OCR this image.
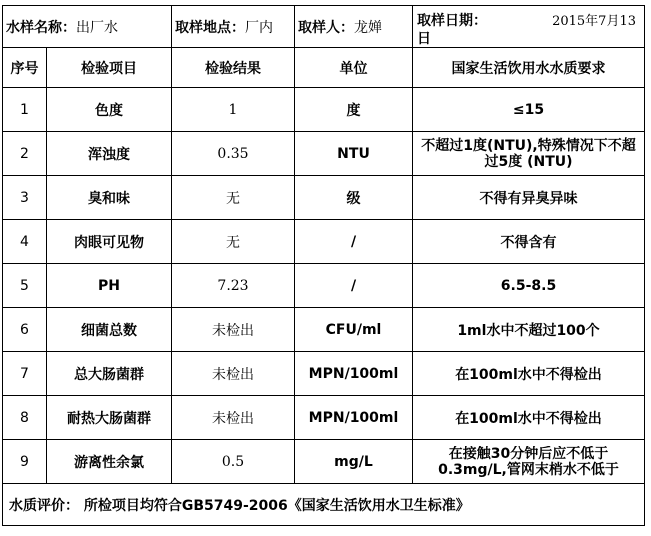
水样名称：出厂水		取样地点：厂内	取样人：龙婵	取样日期： 2015年7月13
日

序号	检验项目	检验结果	单位	国家生活饮用水水质要求
1	色度	1	度	≤15
2	浑浊度	0.35	NTU	不超过1度(NTU),特殊情况下不超过5度 (NTU)
3	臭和味	无	级	不得有异臭异味
4	肉眼可见物	无	/	不得含有
5	PH	7.23	/	6.5-8.5
6	细菌总数	未检出	CFU/ml	1ml水中不超过100个
7	总大肠菌群	未检出	MPN/100ml	在100ml水中不得检出
8	耐热大肠菌群	未检出	MPN/100ml	在100ml水中不得检出
9	游离性余氯	0.5	mg/L	在接触30分钟后应不低于0.3mg/L,管网末梢水不低于

水质评价： 所检项目均符合GB5749-2006《国家生活饮用水卫生标准》				
